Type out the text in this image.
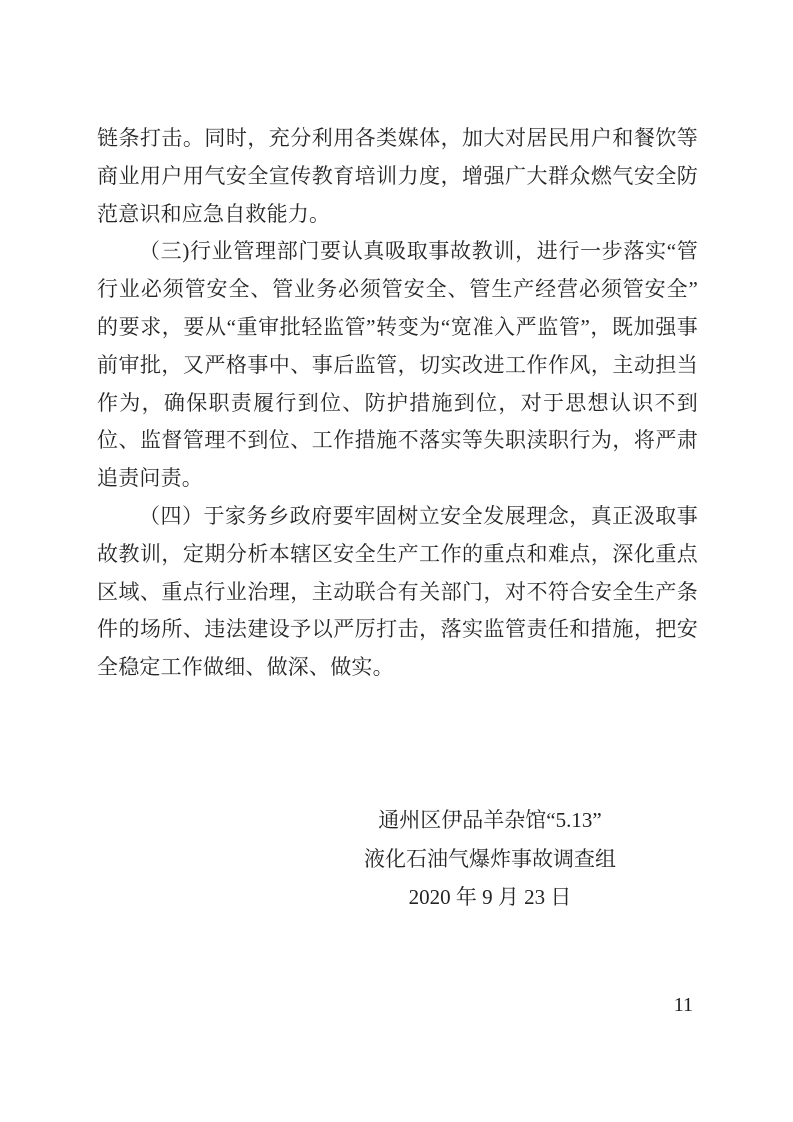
链条打击。同时，充分利用各类媒体，加大对居民用户和餐饮等商业用户用气安全宣传教育培训力度，增强广大群众燃气安全防范意识和应急自救能力。

（三)行业管理部门要认真吸取事故教训，进行一步落实“管行业必须管安全、管业务必须管安全、管生产经营必须管安全”的要求，要从“重审批轻监管”转变为“宽准入严监管”，既加强事前审批，又严格事中、事后监管，切实改进工作作风，主动担当作为，确保职责履行到位、防护措施到位，对于思想认识不到位、监督管理不到位、工作措施不落实等失职渎职行为，将严肃追责问责。

（四）于家务乡政府要牢固树立安全发展理念，真正汲取事故教训，定期分析本辖区安全生产工作的重点和难点，深化重点区域、重点行业治理，主动联合有关部门，对不符合安全生产条件的场所、违法建设予以严厉打击，落实监管责任和措施，把安全稳定工作做细、做深、做实。

通州区伊品羊杂馆“5.13”
液化石油气爆炸事故调查组
2020 年 9 月 23 日
11
